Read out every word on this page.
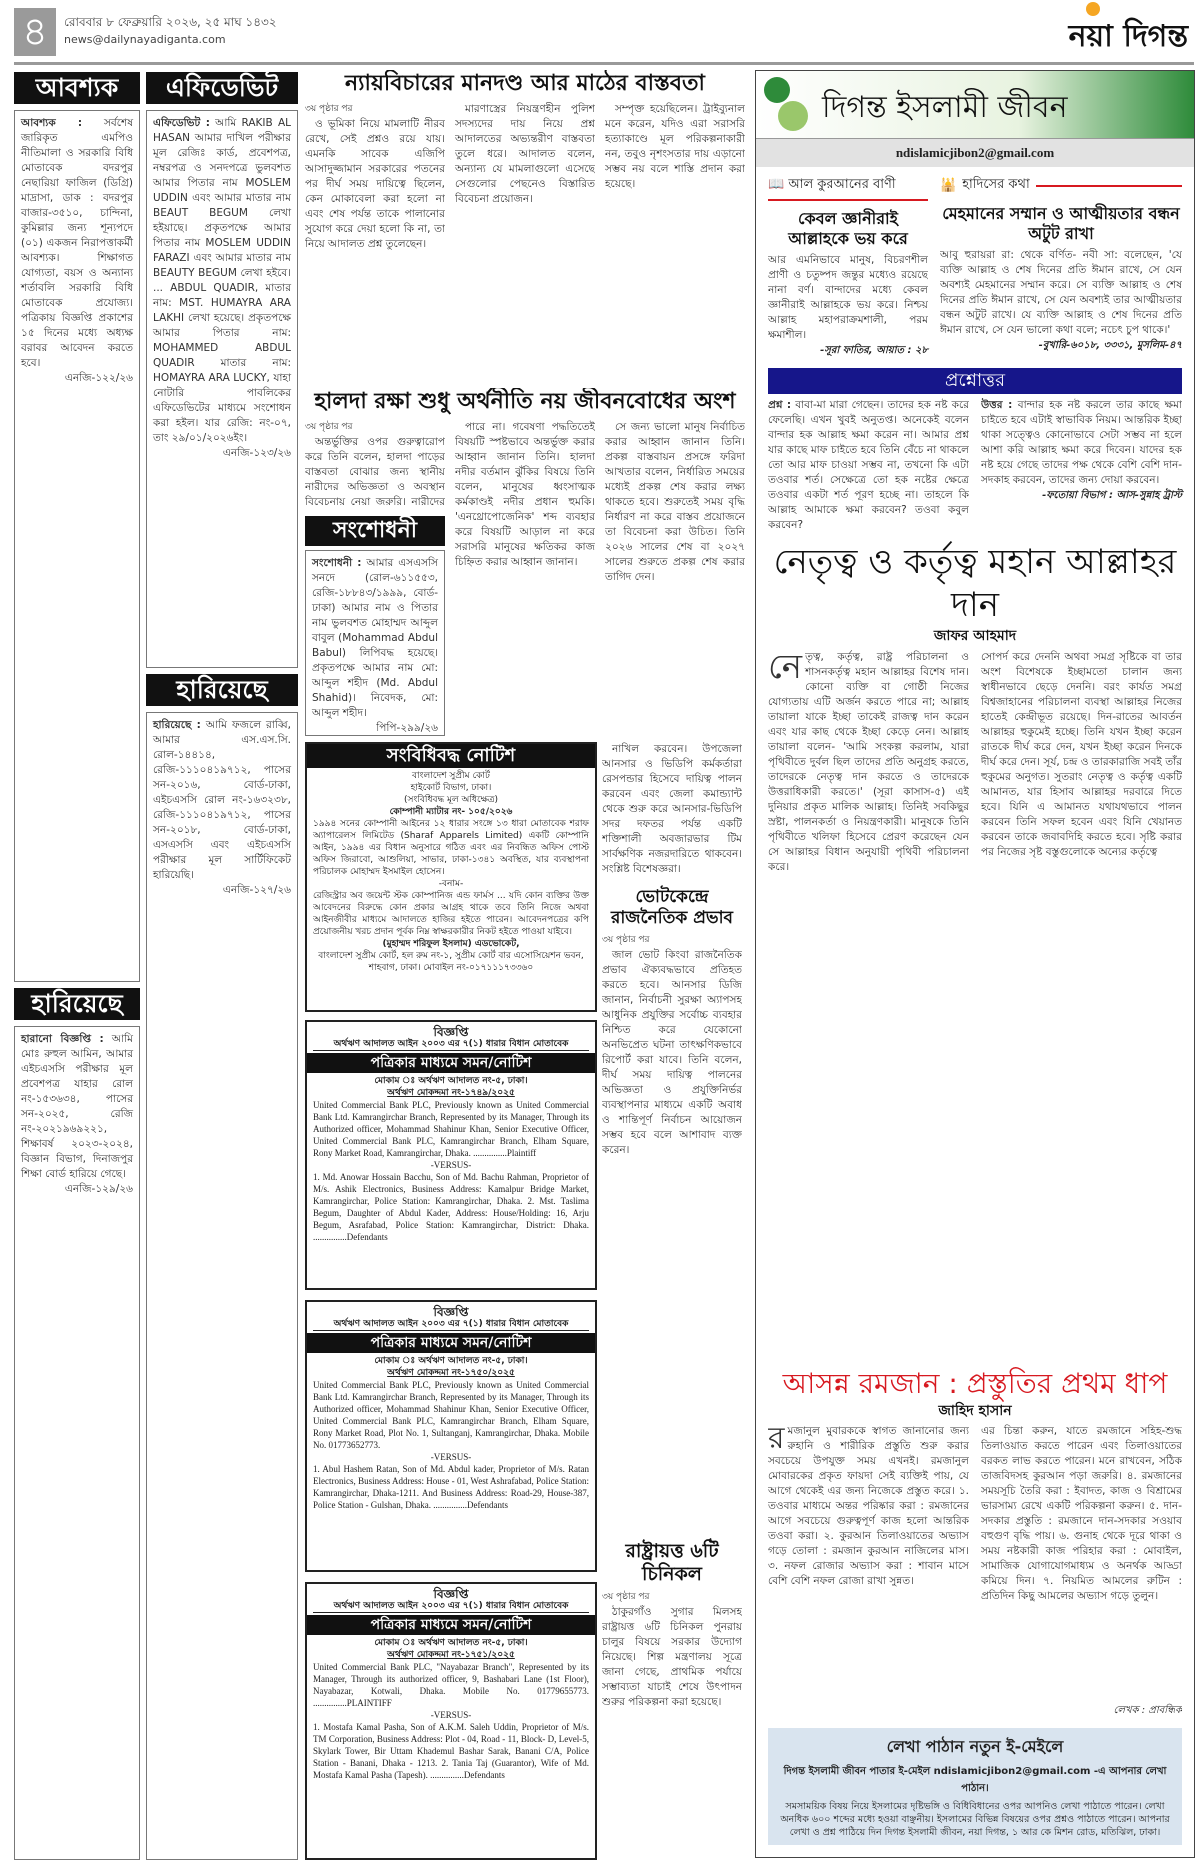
৪	রোববার ৮ ফেব্রুয়ারি ২০২৬, ২৫ মাঘ ১৪৩২
news@dailynayadiganta.com	নয়া দিগন্ত
আবশ্যক
আবশ্যক : সর্বশেষ জারিকৃত এমপিও নীতিমালা ও সরকারি বিধি মোতাবেক বদরপুর নেছারিয়া ফাজিল (ডিগ্রি) মাদ্রাসা, ডাক : বদরপুর বাজার-৩৫১০, চান্দিনা, কুমিল্লার জন্য শূন্যপদে (০১) একজন নিরাপত্তাকর্মী আবশ্যক। শিক্ষাগত যোগ্যতা, বয়স ও অন্যান্য শর্তাবলি সরকারি বিধি মোতাবেক প্রযোজ্য। পত্রিকায় বিজ্ঞপ্তি প্রকাশের ১৫ দিনের মধ্যে অধ্যক্ষ বরাবর আবেদন করতে হবে।
এনজি-১২২/২৬
হারিয়েছে
হারানো বিজ্ঞপ্তি : আমি মোঃ রুহুল আমিন, আমার এইচএসসি পরীক্ষার মূল প্রবেশপত্র যাহার রোল নং-১৫৩৬৩৪, পাসের সন-২০২৫, রেজি নং-২০২১৯৬৯২২১, শিক্ষাবর্ষ ২০২৩-২০২৪, বিজ্ঞান বিভাগ, দিনাজপুর শিক্ষা বোর্ড হারিয়ে গেছে।
এনজি-১২৯/২৬
এফিডেভিট
এফিডেভিট : আমি RAKIB AL HASAN আমার দাখিল পরীক্ষার মূল রেজিঃ কার্ড, প্রবেশপত্র, নম্বরপত্র ও সনদপত্রে ভুলবশত আমার পিতার নাম MOSLEM UDDIN এবং আমার মাতার নাম BEAUT BEGUM লেখা হইয়াছে। প্রকৃতপক্ষে আমার পিতার নাম MOSLEM UDDIN FARAZI এবং আমার মাতার নাম BEAUTY BEGUM লেখা হইবে। ... ABDUL QUADIR, মাতার নাম: MST. HUMAYRA ARA LAKHI লেখা হয়েছে। প্রকৃতপক্ষে আমার পিতার নাম: MOHAMMED ABDUL QUADIR মাতার নাম: HOMAYRA ARA LUCKY, যাহা নোটারি পাবলিকের এফিডেভিটের মাধ্যমে সংশোধন করা হইল। যার রেজি: নং-০৭, তাং ২৯/০১/২০২৬ইং।
এনজি-১২৩/২৬
হারিয়েছে
হারিয়েছে : আমি ফজলে রাব্বি, আমার এস.এস.সি. রোল-১৪৪১৪, রেজি-১১১০৪১৯৭১২, পাসের সন-২০১৬, বোর্ড-ঢাকা, এইচএসসি রোল নং-১৬৩২৩৮, রেজি-১১১০৪১৯৭১২, পাসের সন-২০১৮, বোর্ড-ঢাকা, এসএসসি এবং এইচএসসি পরীক্ষার মূল সার্টিফিকেট হারিয়েছি।
এনজি-১২৭/২৬
ন্যায়বিচারের মানদণ্ড আর মাঠের বাস্তবতা
৩য় পৃষ্ঠার পর

ও ভূমিকা নিয়ে মামলাটি নীরব রেখে, সেই প্রশ্নও রয়ে যায়। এমনকি সাবেক এজিপি আসাদুজ্জামান সরকারের পতনের পর দীর্ঘ সময় দায়িত্বে ছিলেন, কেন মোকাবেলা করা হলো না এবং শেষ পর্যন্ত তাকে পালানোর সুযোগ করে দেয়া হলো কি না, তা নিয়ে আদালত প্রশ্ন তুলেছেন।

মারণাস্ত্রের নিয়ন্ত্রণহীন পুলিশ সদস্যদের দায় নিয়ে প্রশ্ন আদালতের অভ্যন্তরীণ বাস্তবতা তুলে ধরে। আদালত বলেন, অন্যান্য যে মামলাগুলো এসেছে সেগুলোর পেছনেও বিস্তারিত বিবেচনা প্রয়োজন।

সম্পৃক্ত হয়েছিলেন। ট্রাইব্যুনাল মনে করেন, যদিও এরা সরাসরি হত্যাকাণ্ডে মূল পরিকল্পনাকারী নন, তবুও নৃশংসতার দায় এড়ানো সম্ভব নয় বলে শাস্তি প্রদান করা হয়েছে।

হালদা রক্ষা শুধু অর্থনীতি নয় জীবনবোধের অংশ
৩য় পৃষ্ঠার পর

অন্তর্ভুক্তির ওপর গুরুত্বারোপ করে তিনি বলেন, হালদা পাড়ের বাস্তবতা বোঝার জন্য স্থানীয় নারীদের অভিজ্ঞতা ও অবস্থান বিবেচনায় নেয়া জরুরি। নারীদের

সংশোধনী
সংশোধনী : আমার এসএসসি সনদে (রোল-৬১১৫৫৩, রেজি-১৮৮৪৩/১৯৯৯, বোর্ড-ঢাকা) আমার নাম ও পিতার নাম ভুলবশত মোহাম্মদ আব্দুল বাবুল (Mohammad Abdul Babul) লিপিবদ্ধ হয়েছে। প্রকৃতপক্ষে আমার নাম মো: আব্দুল শহীদ (Md. Abdul Shahid)। নিবেদক, মো: আব্দুল শহীদ।
পিপি-২৯৯/২৬

পারে না। গবেষণা পদ্ধতিতেই বিষয়টি স্পষ্টভাবে অন্তর্ভুক্ত করার আহ্বান জানান তিনি। হালদা নদীর বর্তমান ঝুঁকির বিষয়ে তিনি বলেন, মানুষের ধ্বংসাত্মক কর্মকাণ্ডই নদীর প্রধান হুমকি। 'এনথ্রোপোজেনিক' শব্দ ব্যবহার করে বিষয়টি আড়াল না করে সরাসরি মানুষের ক্ষতিকর কাজ চিহ্নিত করার আহ্বান জানান।

সে জন্য ভালো মানুষ নির্বাচিত করার আহ্বান জানান তিনি। প্রকল্প বাস্তবায়ন প্রসঙ্গে ফরিদা আখতার বলেন, নির্ধারিত সময়ের মধ্যেই প্রকল্প শেষ করার লক্ষ্য থাকতে হবে। শুরুতেই সময় বৃদ্ধি নির্ধারণ না করে বাস্তব প্রয়োজনে তা বিবেচনা করা উচিত। তিনি ২০২৬ সালের শেষ বা ২০২৭ সালের শুরুতে প্রকল্প শেষ করার তাগিদ দেন।

সংবিধিবদ্ধ নোটিশ
বাংলাদেশ সুপ্রীম কোর্ট
হাইকোর্ট বিভাগ, ঢাকা।
(সংবিধিবদ্ধ মূল অধিক্ষেত্র)
কোম্পানী ম্যাটার নং- ১০৫/২০২৬
১৯৯৪ সনের কোম্পানী আইনের ১২ ধারার সংঙ্গে ১৩ ধারা মোতাবেক শরাফ অ্যাপারেলস লিমিটেড (Sharaf Apparels Limited) একটি কোম্পানি আইন, ১৯৯৪ এর বিধান অনুসারে গঠিত এবং এর নিবন্ধিত অফিস পোস্ট অফিস জিরাবো, আশুলিয়া, সাভার, ঢাকা-১৩৪১ অবস্থিত, যার ব্যবস্থাপনা পরিচালক মোহাম্মদ ইসমাইল হোসেন।
-বনাম-
রেজিস্ট্রার অব জয়েন্ট স্টক কোম্পানিজ এন্ড ফার্মস ... যদি কোন ব্যক্তির উক্ত আবেদনের বিরুদ্ধে কোন প্রকার আগ্রহ থাকে তবে তিনি নিজে অথবা আইনজীবীর মাধ্যমে আদালতে হাজির হইতে পারেন। আবেদনপত্রের কপি প্রয়োজনীয় খরচ প্রদান পূর্বক নিম্ন স্বাক্ষরকারীর নিকট হইতে পাওয়া যাইবে।
(মুহাম্মদ শরিফুল ইসলাম) এডভোকেট,
বাংলাদেশ সুপ্রীম কোর্ট, হল রুম নং-১, সুপ্রীম কোর্ট বার এসোসিয়েশন ভবন,
শাহবাগ, ঢাকা। মোবাইল নং-০১৭১১১৭৩৩৬০
বিজ্ঞপ্তি
অর্থঋণ আদালত আইন ২০০৩ এর ৭(১) ধারার বিধান মোতাবেক
পত্রিকার মাধ্যমে সমন/নোটিশ
মোকাম ঃ অর্থঋণ আদালত নং-৫, ঢাকা।
অর্থঋণ মোকদ্দমা নং-১৭৪৯/২০২৫
United Commercial Bank PLC, Previously known as United Commercial Bank Ltd. Kamrangirchar Branch, Represented by its Manager, Through its Authorized officer, Mohammad Shahinur Khan, Senior Executive Officer, United Commercial Bank PLC, Kamrangirchar Branch, Elham Square, Rony Market Road, Kamrangirchar, Dhaka. ...............Plaintiff
-VERSUS-
1. Md. Anowar Hossain Bacchu, Son of Md. Bachu Rahman, Proprietor of M/s. Ashik Electronics, Business Address: Kamalpur Bridge Market, Kamrangirchar, Police Station: Kamrangirchar, Dhaka. 2. Mst. Taslima Begum, Daughter of Abdul Kader, Address: House/Holding: 16, Arju Begum, Asrafabad, Police Station: Kamrangirchar, District: Dhaka. ...............Defendants
বিজ্ঞপ্তি
অর্থঋণ আদালত আইন ২০০৩ এর ৭(১) ধারার বিধান মোতাবেক
পত্রিকার মাধ্যমে সমন/নোটিশ
মোকাম ঃ অর্থঋণ আদালত নং-৫, ঢাকা।
অর্থঋণ মোকদ্দমা নং-১৭৫০/২০২৫
United Commercial Bank PLC, Previously known as United Commercial Bank Ltd. Kamrangirchar Branch, Represented by its Manager, Through its Authorized officer, Mohammad Shahinur Khan, Senior Executive Officer, United Commercial Bank PLC, Kamrangirchar Branch, Elham Square, Rony Market Road, Plot No. 1, Sultanganj, Kamrangirchar, Dhaka. Mobile No. 01773652773.
-VERSUS-
1. Abul Hashem Ratan, Son of Md. Abdul kader, Proprietor of M/s. Ratan Electronics, Business Address: House - 01, West Ashrafabad, Police Station: Kamrangirchar, Dhaka-1211. And Business Address: Road-29, House-387, Police Station - Gulshan, Dhaka. ...............Defendants
বিজ্ঞপ্তি
অর্থঋণ আদালত আইন ২০০৩ এর ৭(১) ধারার বিধান মোতাবেক
পত্রিকার মাধ্যমে সমন/নোটিশ
মোকাম ঃ অর্থঋণ আদালত নং-৫, ঢাকা।
অর্থঋণ মোকদ্দমা নং-১৭৫১/২০২৫
United Commercial Bank PLC, "Nayabazar Branch", Represented by its Manager, Through its authorized officer, 9, Bashabari Lane (1st Floor), Nayabazar, Kotwali, Dhaka. Mobile No. 01779655773. ...............PLAINTIFF
-VERSUS-
1. Mostafa Kamal Pasha, Son of A.K.M. Saleh Uddin, Proprietor of M/s. TM Corporation, Business Address: Plot - 04, Road - 11, Block- D, Level-5, Skylark Tower, Bir Uttam Khademul Bashar Sarak, Banani C/A, Police Station - Banani, Dhaka - 1213. 2. Tania Taj (Guarantor), Wife of Md. Mostafa Kamal Pasha (Tapesh). ...............Defendants

নাখিল করবেন। উপজেলা আনসার ও ভিডিপি কর্মকর্তারা রেসপন্ডার হিসেবে দায়িত্ব পালন করবেন এবং জেলা কমান্ড্যান্ট থেকে শুরু করে আনসার-ভিডিপি সদর দফতর পর্যন্ত একটি শক্তিশালী অবজারভার টিম সার্বক্ষণিক নজরদারিতে থাকবেন। সংশ্লিষ্ট বিশেষজ্ঞরা।

ভোটকেন্দ্রে রাজনৈতিক প্রভাব
৩য় পৃষ্ঠার পর

জাল ভোট কিংবা রাজনৈতিক প্রভাব ঐক্যবদ্ধভাবে প্রতিহত করতে হবে। আনসার ডিজি জানান, নির্বাচনী সুরক্ষা অ্যাপসহ আধুনিক প্রযুক্তির সর্বোচ্চ ব্যবহার নিশ্চিত করে যেকোনো অনভিপ্রেত ঘটনা তাৎক্ষণিকভাবে রিপোর্ট করা যাবে। তিনি বলেন, দীর্ঘ সময় দায়িত্ব পালনের অভিজ্ঞতা ও প্রযুক্তিনির্ভর ব্যবস্থাপনার মাধ্যমে একটি অবাধ ও শান্তিপূর্ণ নির্বাচন আয়োজন সম্ভব হবে বলে আশাবাদ ব্যক্ত করেন।

রাষ্ট্রায়ত্ত ৬টি চিনিকল
৩য় পৃষ্ঠার পর

ঠাকুরগাঁও সুগার মিলসহ রাষ্ট্রায়ত্ত ৬টি চিনিকল পুনরায় চালুর বিষয়ে সরকার উদ্যোগ নিয়েছে। শিল্প মন্ত্রণালয় সূত্রে জানা গেছে, প্রাথমিক পর্যায়ে সম্ভাব্যতা যাচাই শেষে উৎপাদন শুরুর পরিকল্পনা করা হয়েছে।

দিগন্ত ইসলামী জীবন
ndislamicjibon2@gmail.com
📖 আল কুরআনের বাণী
কেবল জ্ঞানীরাই আল্লাহকে ভয় করে
আর এমনিভাবে মানুষ, বিচরণশীল প্রাণী ও চতুষ্পদ জন্তুর মধ্যেও রয়েছে নানা বর্ণ। বান্দাদের মধ্যে কেবল জ্ঞানীরাই আল্লাহকে ভয় করে। নিশ্চয় আল্লাহ মহাপরাক্রমশালী, পরম ক্ষমাশীল।
-সূরা ফাতির, আয়াত : ২৮
🕌 হাদিসের কথা
মেহমানের সম্মান ও আত্মীয়তার বন্ধন অটুট রাখা
আবু হুরায়রা রা: থেকে বর্ণিত- নবী সা: বলেছেন, 'যে ব্যক্তি আল্লাহ ও শেষ দিনের প্রতি ঈমান রাখে, সে যেন অবশ্যই মেহমানের সম্মান করে। সে ব্যক্তি আল্লাহ ও শেষ দিনের প্রতি ঈমান রাখে, সে যেন অবশ্যই তার আত্মীয়তার বন্ধন অটুট রাখে। যে ব্যক্তি আল্লাহ ও শেষ দিনের প্রতি ঈমান রাখে, সে যেন ভালো কথা বলে; নচেৎ চুপ থাকে।'
-বুখারি-৬০১৮, ৩৩৩১, মুসলিম-৪৭
প্রশ্নোত্তর
প্রশ্ন : বাবা-মা মারা গেছেন। তাদের হক নষ্ট করে ফেলেছি। এখন খুবই অনুতপ্ত। অনেকেই বলেন বান্দার হক আল্লাহ ক্ষমা করেন না। আমার প্রশ্ন যার কাছে মাফ চাইতে হবে তিনি বেঁচে না থাকলে তো আর মাফ চাওয়া সম্ভব না, তখনো কি এটা তওবার শর্ত। সেক্ষেত্রে তো হক নষ্টের ক্ষেত্রে তওবার একটা শর্ত পূরণ হচ্ছে না। তাহলে কি আল্লাহ আমাকে ক্ষমা করবেন? তওবা কবুল করবেন?
উত্তর : বান্দার হক নষ্ট করলে তার কাছে ক্ষমা চাইতে হবে এটাই স্বাভাবিক নিয়ম। আন্তরিক ইচ্ছা থাকা সত্ত্বেও কোনোভাবে সেটা সম্ভব না হলে আশা করি আল্লাহ ক্ষমা করে দিবেন। যাদের হক নষ্ট হয়ে গেছে তাদের পক্ষ থেকে বেশি বেশি দান-সদকাহ করবেন, তাদের জন্য দোয়া করবেন।
-ফতোয়া বিভাগ : আস-সুন্নাহ ট্রাস্ট
নেতৃত্ব ও কর্তৃত্ব মহান আল্লাহর দান
জাফর আহমাদ
নেতৃত্ব, কর্তৃত্ব, রাষ্ট্র পরিচালনা ও শাসনকর্তৃত্ব মহান আল্লাহর বিশেষ দান। কোনো ব্যক্তি বা গোষ্ঠী নিজের যোগ্যতায় এটি অর্জন করতে পারে না; আল্লাহ তায়ালা যাকে ইচ্ছা তাকেই রাজত্ব দান করেন এবং যার কাছ থেকে ইচ্ছা কেড়ে নেন। আল্লাহ তায়ালা বলেন- 'আমি সংকল্প করলাম, যারা পৃথিবীতে দুর্বল ছিল তাদের প্রতি অনুগ্রহ করতে, তাদেরকে নেতৃত্ব দান করতে ও তাদেরকে উত্তরাধিকারী করতে।' (সূরা কাসাস-৫) এই দুনিয়ার প্রকৃত মালিক আল্লাহ। তিনিই সবকিছুর স্রষ্টা, পালনকর্তা ও নিয়ন্ত্রণকারী। মানুষকে তিনি পৃথিবীতে খলিফা হিসেবে প্রেরণ করেছেন যেন সে আল্লাহর বিধান অনুযায়ী পৃথিবী পরিচালনা করে।
সোপর্দ করে দেননি অথবা সমগ্র সৃষ্টিকে বা তার অংশ বিশেষকে ইচ্ছামতো চালান জন্য স্বাধীনভাবে ছেড়ে দেননি। বরং কার্যত সমগ্র বিশ্বজাহানের পরিচালনা ব্যবস্থা আল্লাহর নিজের হাতেই কেন্দ্রীভূত রয়েছে। দিন-রাতের আবর্তন আল্লাহর হুকুমেই হচ্ছে। তিনি যখন ইচ্ছা করেন রাতকে দীর্ঘ করে দেন, যখন ইচ্ছা করেন দিনকে দীর্ঘ করে দেন। সূর্য, চন্দ্র ও তারকারাজি সবই তাঁর হুকুমের অনুগত। সুতরাং নেতৃত্ব ও কর্তৃত্ব একটি আমানত, যার হিসাব আল্লাহর দরবারে দিতে হবে। যিনি এ আমানত যথাযথভাবে পালন করবেন তিনি সফল হবেন এবং যিনি খেয়ানত করবেন তাকে জবাবদিহি করতে হবে। সৃষ্টি করার পর নিজের সৃষ্ট বস্তুগুলোকে অন্যের কর্তৃত্বে
আসন্ন রমজান : প্রস্তুতির প্রথম ধাপ
জাহিদ হাসান
রমজানুল মুবারককে স্বাগত জানানোর জন্য রুহানি ও শারীরিক প্রস্তুতি শুরু করার সবচেয়ে উপযুক্ত সময় এখনই। রমজানুল মোবারকের প্রকৃত ফায়দা সেই ব্যক্তিই পায়, যে আগে থেকেই এর জন্য নিজেকে প্রস্তুত করে। ১. তওবার মাধ্যমে অন্তর পরিষ্কার করা : রমজানের আগে সবচেয়ে গুরুত্বপূর্ণ কাজ হলো আন্তরিক তওবা করা। ২. কুরআন তিলাওয়াতের অভ্যাস গড়ে তোলা : রমজান কুরআন নাজিলের মাস। ৩. নফল রোজার অভ্যাস করা : শাবান মাসে বেশি বেশি নফল রোজা রাখা সুন্নত।
এর চিন্তা করুন, যাতে রমজানে সহিহ-শুদ্ধ তিলাওয়াত করতে পারেন এবং তিলাওয়াতের বরকত লাভ করতে পারেন। মনে রাখবেন, সঠিক তাজবিদসহ কুরআন পড়া জরুরি। ৪. রমজানের সময়সূচি তৈরি করা : ইবাদত, কাজ ও বিশ্রামের ভারসাম্য রেখে একটি পরিকল্পনা করুন। ৫. দান-সদকার প্রস্তুতি : রমজানে দান-সদকার সওয়াব বহুগুণ বৃদ্ধি পায়। ৬. গুনাহ থেকে দূরে থাকা ও সময় নষ্টকারী কাজ পরিহার করা : মোবাইল, সামাজিক যোগাযোগমাধ্যম ও অনর্থক আড্ডা কমিয়ে দিন। ৭. নিয়মিত আমলের রুটিন : প্রতিদিন কিছু আমলের অভ্যাস গড়ে তুলুন।
লেখক : প্রাবন্ধিক
লেখা পাঠান নতুন ই-মেইলে
দিগন্ত ইসলামী জীবন পাতার ই-মেইল ndislamicjibon2@gmail.com -এ আপনার লেখা পাঠান।
সমসাময়িক বিষয় নিয়ে ইসলামের দৃষ্টিভঙ্গি ও বিধিবিধানের ওপর আপনিও লেখা পাঠাতে পারেন। লেখা অনধিক ৬০০ শব্দের মধ্যে হওয়া বাঞ্ছনীয়। ইসলামের বিভিন্ন বিষয়ের ওপর প্রশ্নও পাঠাতে পারেন। আপনার লেখা ও প্রশ্ন পাঠিয়ে দিন দিগন্ত ইসলামী জীবন, নয়া দিগন্ত, ১ আর কে মিশন রোড, মতিঝিল, ঢাকা।
